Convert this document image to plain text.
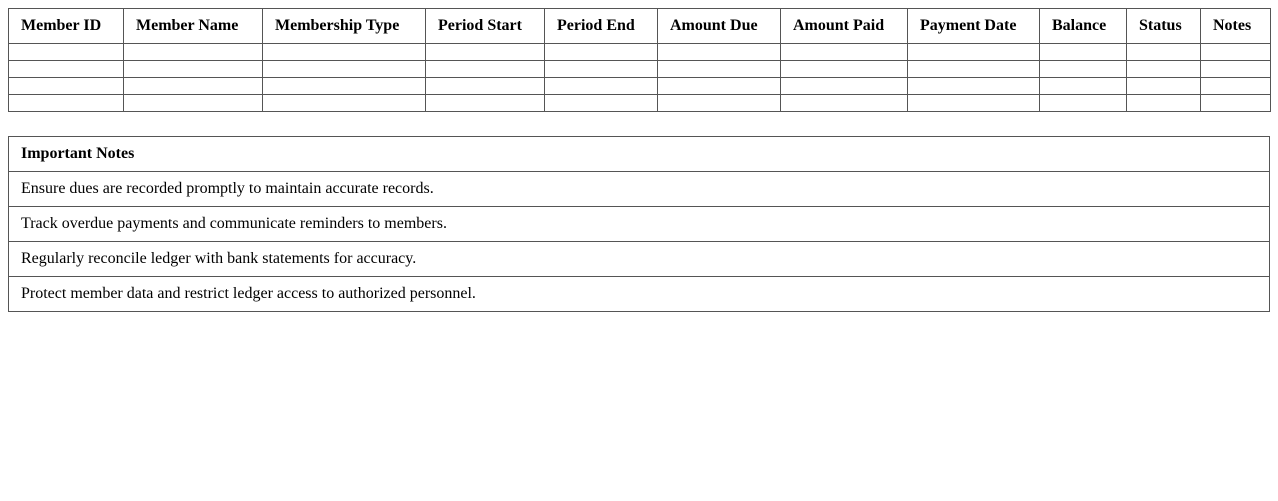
Member ID	Member Name	Membership Type	Period Start	Period End	Amount Due	Amount Paid	Payment Date	Balance	Status	Notes

Important Notes
Ensure dues are recorded promptly to maintain accurate records.
Track overdue payments and communicate reminders to members.
Regularly reconcile ledger with bank statements for accuracy.
Protect member data and restrict ledger access to authorized personnel.
